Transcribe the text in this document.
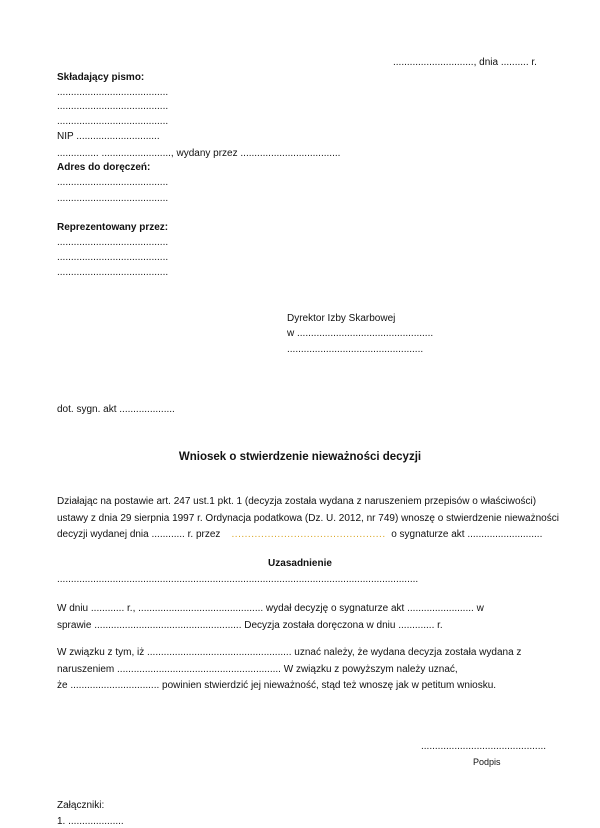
............................., dnia .......... r.
Składający pismo:
........................................
........................................
........................................
NIP ..............................
............... ........................., wydany przez ....................................
Adres do doręczeń:
........................................
........................................
Reprezentowany przez:
........................................
........................................
........................................
Dyrektor Izby Skarbowej
w .................................................
.................................................
dot. sygn. akt ....................
Wniosek o stwierdzenie nieważności decyzji
Działając na postawie art. 247 ust.1 pkt. 1 (decyzja została wydana z naruszeniem przepisów o właściwości)
ustawy z dnia 29 sierpnia 1997 r. Ordynacja podatkowa (Dz. U. 2012, nr 749) wnoszę o stwierdzenie nieważności
decyzji wydanej dnia ............ r. przez ............................................... o sygnaturze akt ...........................
Uzasadnienie
..................................................................................................................................
W dniu ............ r., ............................................. wydał decyzję o sygnaturze akt ........................ w
sprawie ..................................................... Decyzja została doręczona w dniu ............. r.
W związku z tym, iż .................................................... uznać należy, że wydana decyzja została wydana z
naruszeniem ........................................................... W związku z powyższym należy uznać,
że ................................ powinien stwierdzić jej nieważność, stąd też wnoszę jak w petitum wniosku.
.............................................
Podpis
Załączniki:
1. ....................
